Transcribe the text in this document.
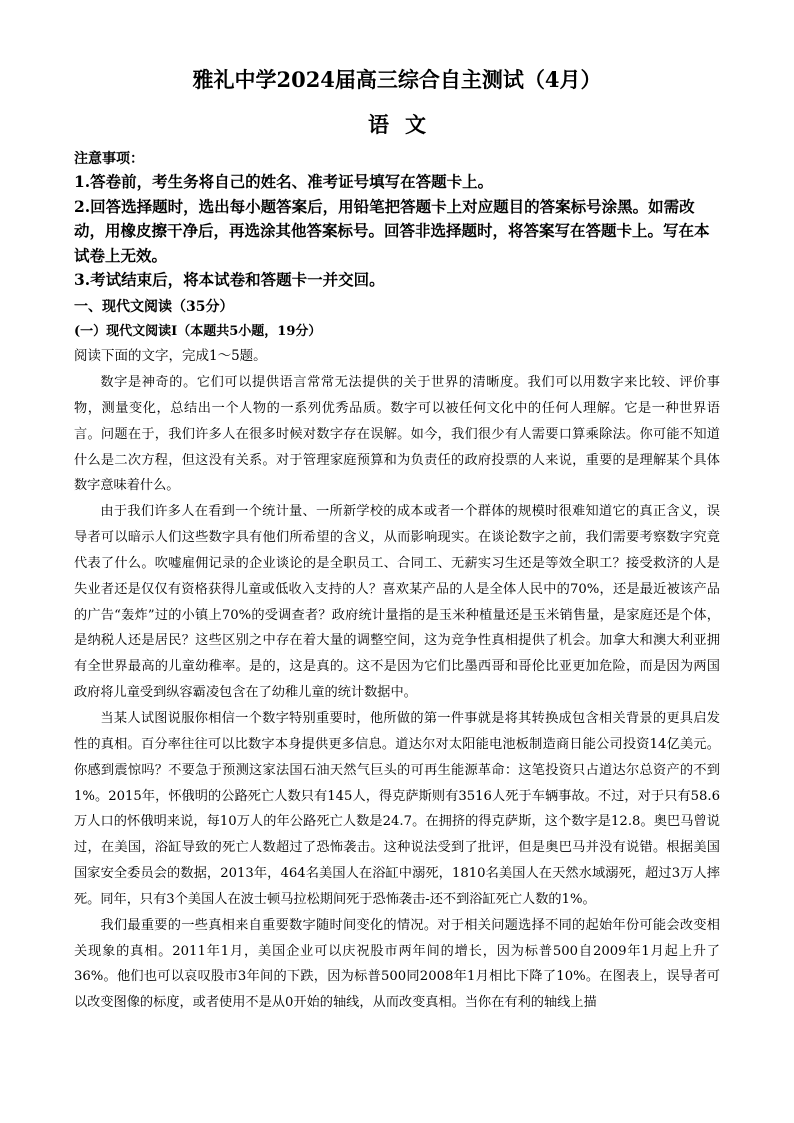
雅礼中学2024届高三综合自主测试（4月）
语文
注意事项：

1.答卷前，考生务将自己的姓名、准考证号填写在答题卡上。

2.回答选择题时，选出每小题答案后，用铅笔把答题卡上对应题目的答案标号涂黑。如需改动，用橡皮擦干净后，再选涂其他答案标号。回答非选择题时，将答案写在答题卡上。写在本试卷上无效。

3.考试结束后，将本试卷和答题卡一并交回。

一、现代文阅读（35分）
(一）现代文阅读Ⅰ（本题共5小题，19分）
阅读下面的文字，完成1～5题。

数字是神奇的。它们可以提供语言常常无法提供的关于世界的清晰度。我们可以用数字来比较、评价事物，测量变化，总结出一个人物的一系列优秀品质。数字可以被任何文化中的任何人理解。它是一种世界语言。问题在于，我们许多人在很多时候对数字存在误解。如今，我们很少有人需要口算乘除法。你可能不知道什么是二次方程，但这没有关系。对于管理家庭预算和为负责任的政府投票的人来说，重要的是理解某个具体数字意味着什么。

由于我们许多人在看到一个统计量、一所新学校的成本或者一个群体的规模时很难知道它的真正含义，误导者可以暗示人们这些数字具有他们所希望的含义，从而影响现实。在谈论数字之前，我们需要考察数字究竟代表了什么。吹嘘雇佣记录的企业谈论的是全职员工、合同工、无薪实习生还是等效全职工？接受救济的人是失业者还是仅仅有资格获得儿童或低收入支持的人？喜欢某产品的人是全体人民中的70%，还是最近被该产品的广告“轰炸”过的小镇上70%的受调查者？政府统计量指的是玉米种植量还是玉米销售量，是家庭还是个体，是纳税人还是居民？这些区别之中存在着大量的调整空间，这为竞争性真相提供了机会。加拿大和澳大利亚拥有全世界最高的儿童幼稚率。是的，这是真的。这不是因为它们比墨西哥和哥伦比亚更加危险，而是因为两国政府将儿童受到纵容霸凌包含在了幼稚儿童的统计数据中。

当某人试图说服你相信一个数字特别重要时，他所做的第一件事就是将其转换成包含相关背景的更具启发性的真相。百分率往往可以比数字本身提供更多信息。道达尔对太阳能电池板制造商日能公司投资14亿美元。你感到震惊吗？不要急于预测这家法国石油天然气巨头的可再生能源革命：这笔投资只占道达尔总资产的不到1%。2015年，怀俄明的公路死亡人数只有145人，得克萨斯则有3516人死于车辆事故。不过，对于只有58.6万人口的怀俄明来说，每10万人的年公路死亡人数是24.7。在拥挤的得克萨斯，这个数字是12.8。奥巴马曾说过，在美国，浴缸导致的死亡人数超过了恐怖袭击。这种说法受到了批评，但是奥巴马并没有说错。根据美国国家安全委员会的数据，2013年，464名美国人在浴缸中溺死，1810名美国人在天然水域溺死，超过3万人摔死。同年，只有3个美国人在波士顿马拉松期间死于恐怖袭击-还不到浴缸死亡人数的1%。

我们最重要的一些真相来自重要数字随时间变化的情况。对于相关问题选择不同的起始年份可能会改变相关现象的真相。2011年1月，美国企业可以庆祝股市两年间的增长，因为标普500自2009年1月起上升了36%。他们也可以哀叹股市3年间的下跌，因为标普500同2008年1月相比下降了10%。在图表上，误导者可以改变图像的标度，或者使用不是从0开始的轴线，从而改变真相。当你在有利的轴线上描
